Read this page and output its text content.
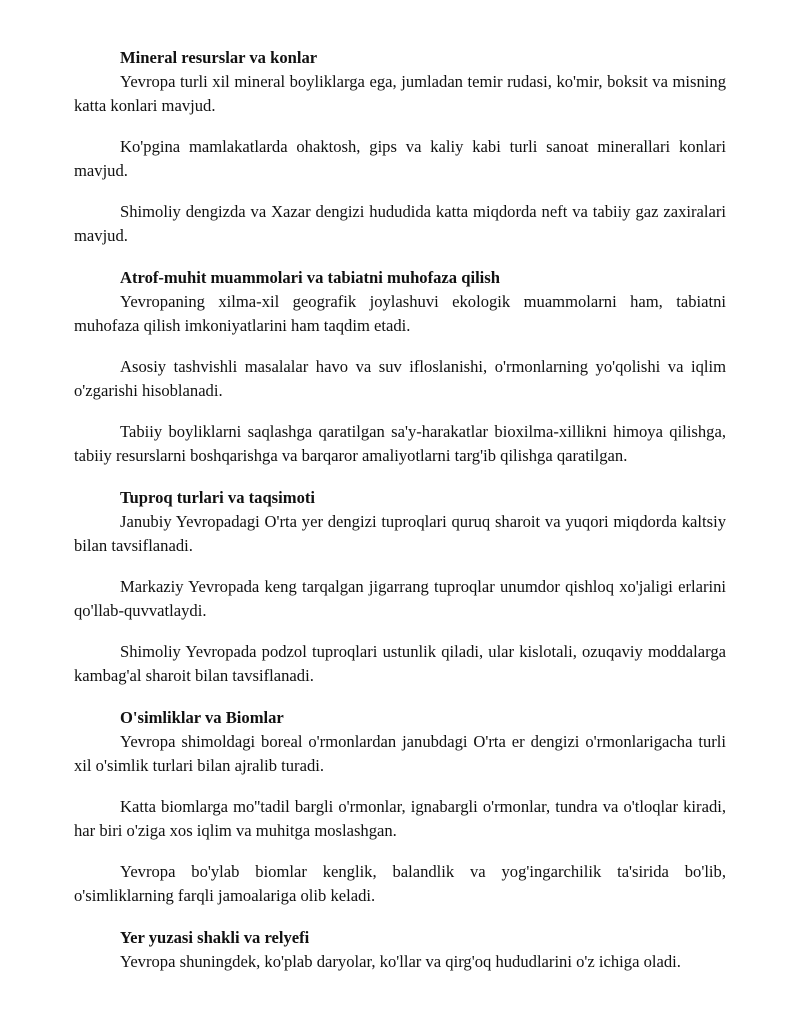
Mineral resurslar va konlar

Yevropa turli xil mineral boyliklarga ega, jumladan temir rudasi, ko'mir, boksit va misning katta konlari mavjud.

Ko'pgina mamlakatlarda ohaktosh, gips va kaliy kabi turli sanoat minerallari konlari mavjud.

Shimoliy dengizda va Xazar dengizi hududida katta miqdorda neft va tabiiy gaz zaxiralari mavjud.

Atrof-muhit muammolari va tabiatni muhofaza qilish

Yevropaning xilma-xil geografik joylashuvi ekologik muammolarni ham, tabiatni muhofaza qilish imkoniyatlarini ham taqdim etadi.

Asosiy tashvishli masalalar havo va suv ifloslanishi, o'rmonlarning yo'qolishi va iqlim o'zgarishi hisoblanadi.

Tabiiy boyliklarni saqlashga qaratilgan sa'y-harakatlar bioxilma-xillikni himoya qilishga, tabiiy resurslarni boshqarishga va barqaror amaliyotlarni targ'ib qilishga qaratilgan.

Tuproq turlari va taqsimoti

Janubiy Yevropadagi O'rta yer dengizi tuproqlari quruq sharoit va yuqori miqdorda kaltsiy bilan tavsiflanadi.

Markaziy Yevropada keng tarqalgan jigarrang tuproqlar unumdor qishloq xo'jaligi erlarini qo'llab-quvvatlaydi.

Shimoliy Yevropada podzol tuproqlari ustunlik qiladi, ular kislotali, ozuqaviy moddalarga kambag'al sharoit bilan tavsiflanadi.

O'simliklar va Biomlar

Yevropa shimoldagi boreal o'rmonlardan janubdagi O'rta er dengizi o'rmonlarigacha turli xil o'simlik turlari bilan ajralib turadi.

Katta biomlarga mo''tadil bargli o'rmonlar, ignabargli o'rmonlar, tundra va o'tloqlar kiradi, har biri o'ziga xos iqlim va muhitga moslashgan.

Yevropa bo'ylab biomlar kenglik, balandlik va yog'ingarchilik ta'sirida bo'lib, o'simliklarning farqli jamoalariga olib keladi.

Yer yuzasi shakli va relyefi

Yevropa shuningdek, ko'plab daryolar, ko'llar va qirg'oq hududlarini o'z ichiga oladi.
